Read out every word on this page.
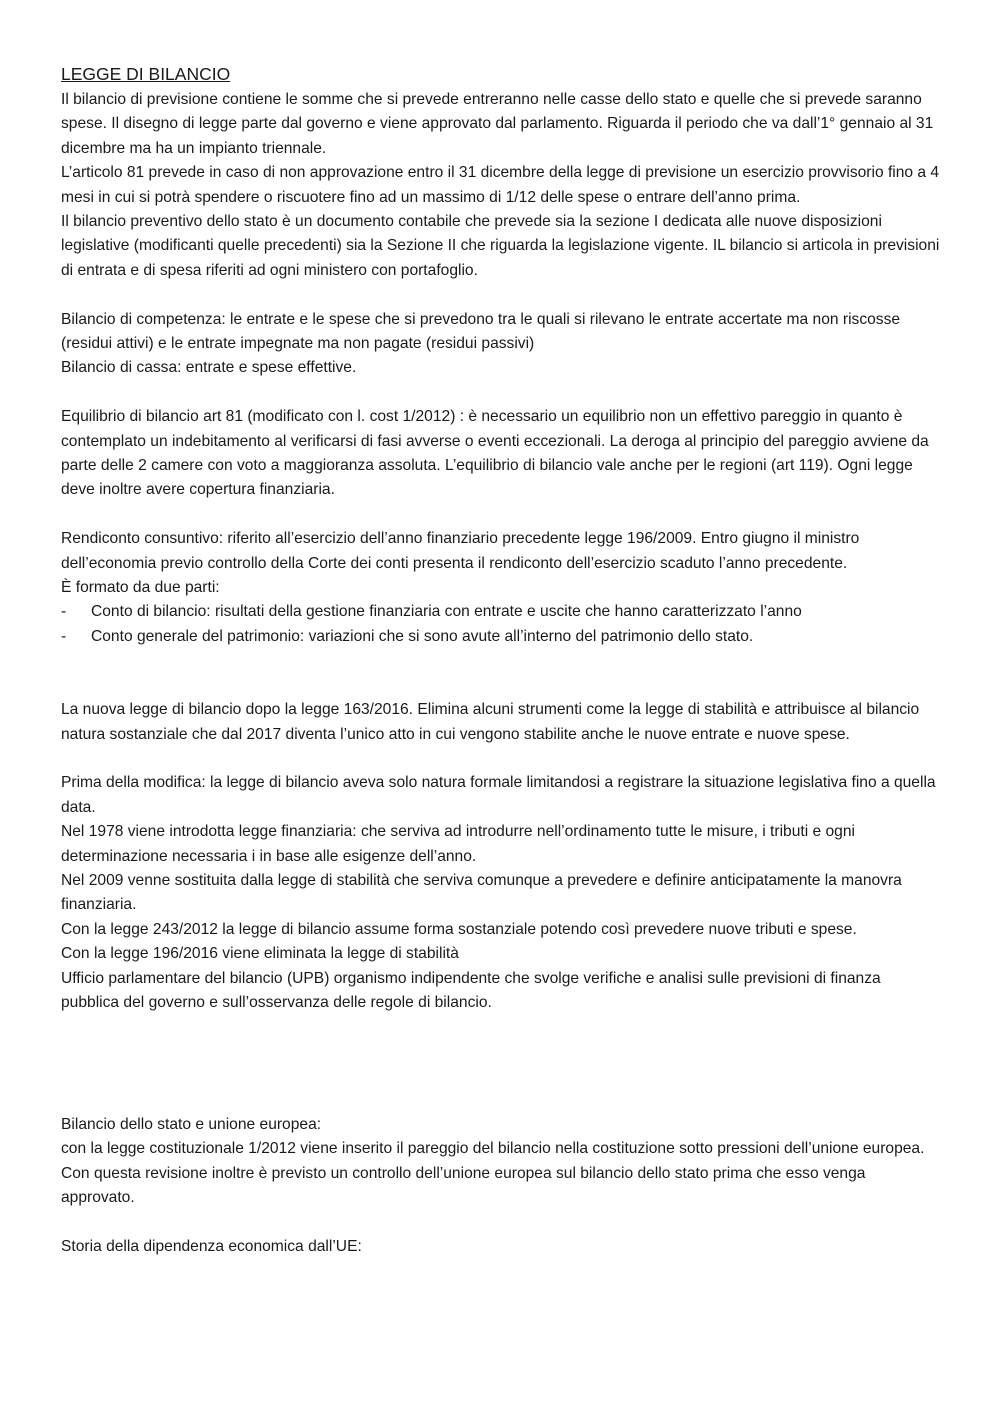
LEGGE DI BILANCIO

Il bilancio di previsione contiene le somme che si prevede entreranno nelle casse dello stato e quelle che si prevede saranno spese. Il disegno di legge parte dal governo e viene approvato dal parlamento. Riguarda il periodo che va dall’1° gennaio al 31 dicembre ma ha un impianto triennale.

L’articolo 81 prevede in caso di non approvazione entro il 31 dicembre della legge di previsione un esercizio provvisorio fino a 4 mesi in cui si potrà spendere o riscuotere fino ad un massimo di 1/12 delle spese o entrare dell’anno prima.

Il bilancio preventivo dello stato è un documento contabile che prevede sia la sezione I dedicata alle nuove disposizioni legislative (modificanti quelle precedenti) sia la Sezione II che riguarda la legislazione vigente. IL bilancio si articola in previsioni di entrata e di spesa riferiti ad ogni ministero con portafoglio.

Bilancio di competenza: le entrate e le spese che si prevedono tra le quali si rilevano le entrate accertate ma non riscosse (residui attivi) e le entrate impegnate ma non pagate (residui passivi)

Bilancio di cassa: entrate e spese effettive.

Equilibrio di bilancio art 81 (modificato con l. cost 1/2012) : è necessario un equilibrio non un effettivo pareggio in quanto è contemplato un indebitamento al verificarsi di fasi avverse o eventi eccezionali. La deroga al principio del pareggio avviene da parte delle 2 camere con voto a maggioranza assoluta. L’equilibrio di bilancio vale anche per le regioni (art 119). Ogni legge deve inoltre avere copertura finanziaria.

Rendiconto consuntivo: riferito all’esercizio dell’anno finanziario precedente legge 196/2009. Entro giugno il ministro dell’economia previo controllo della Corte dei conti presenta il rendiconto dell’esercizio scaduto l’anno precedente.

È formato da due parti:

- Conto di bilancio: risultati della gestione finanziaria con entrate e uscite che hanno caratterizzato l’anno
- Conto generale del patrimonio: variazioni che si sono avute all’interno del patrimonio dello stato.

La nuova legge di bilancio dopo la legge 163/2016. Elimina alcuni strumenti come la legge di stabilità e attribuisce al bilancio natura sostanziale che dal 2017 diventa l’unico atto in cui vengono stabilite anche le nuove entrate e nuove spese.

Prima della modifica: la legge di bilancio aveva solo natura formale limitandosi a registrare la situazione legislativa fino a quella data.

Nel 1978 viene introdotta legge finanziaria: che serviva ad introdurre nell’ordinamento tutte le misure, i tributi e ogni determinazione necessaria i in base alle esigenze dell’anno.

Nel 2009 venne sostituita dalla legge di stabilità che serviva comunque a prevedere e definire anticipatamente la manovra finanziaria.

Con la legge 243/2012 la legge di bilancio assume forma sostanziale potendo così prevedere nuove tributi e spese.

Con la legge 196/2016 viene eliminata la legge di stabilità

Ufficio parlamentare del bilancio (UPB) organismo indipendente che svolge verifiche e analisi sulle previsioni di finanza pubblica del governo e sull’osservanza delle regole di bilancio.

Bilancio dello stato e unione europea:

con la legge costituzionale 1/2012 viene inserito il pareggio del bilancio nella costituzione sotto pressioni dell’unione europea. Con questa revisione inoltre è previsto un controllo dell’unione europea sul bilancio dello stato prima che esso venga approvato.

Storia della dipendenza economica dall’UE:
